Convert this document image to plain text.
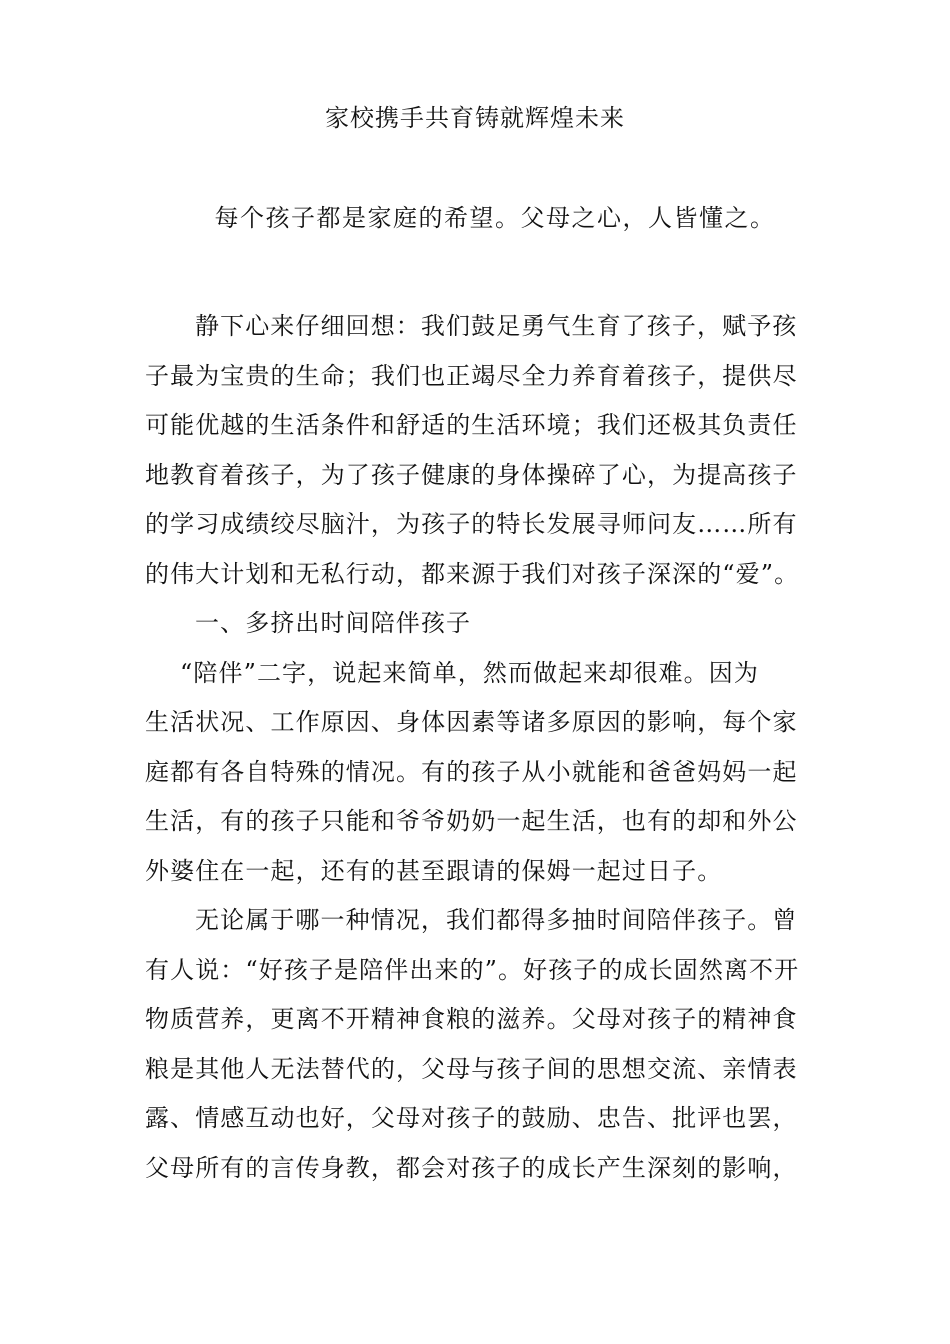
家校携手共育铸就辉煌未来
每个孩子都是家庭的希望。父母之心，人皆懂之。
静下心来仔细回想：我们鼓足勇气生育了孩子，赋予孩
子最为宝贵的生命；我们也正竭尽全力养育着孩子，提供尽
可能优越的生活条件和舒适的生活环境；我们还极其负责任
地教育着孩子，为了孩子健康的身体操碎了心，为提高孩子
的学习成绩绞尽脑汁，为孩子的特长发展寻师问友……所有
的伟大计划和无私行动，都来源于我们对孩子深深的“爱”。
一、多挤出时间陪伴孩子
“陪伴”二字，说起来简单，然而做起来却很难。因为
生活状况、工作原因、身体因素等诸多原因的影响，每个家
庭都有各自特殊的情况。有的孩子从小就能和爸爸妈妈一起
生活，有的孩子只能和爷爷奶奶一起生活，也有的却和外公
外婆住在一起，还有的甚至跟请的保姆一起过日子。
无论属于哪一种情况，我们都得多抽时间陪伴孩子。曾
有人说：“好孩子是陪伴出来的”。好孩子的成长固然离不开
物质营养，更离不开精神食粮的滋养。父母对孩子的精神食
粮是其他人无法替代的，父母与孩子间的思想交流、亲情表
露、情感互动也好，父母对孩子的鼓励、忠告、批评也罢，
父母所有的言传身教，都会对孩子的成长产生深刻的影响，
